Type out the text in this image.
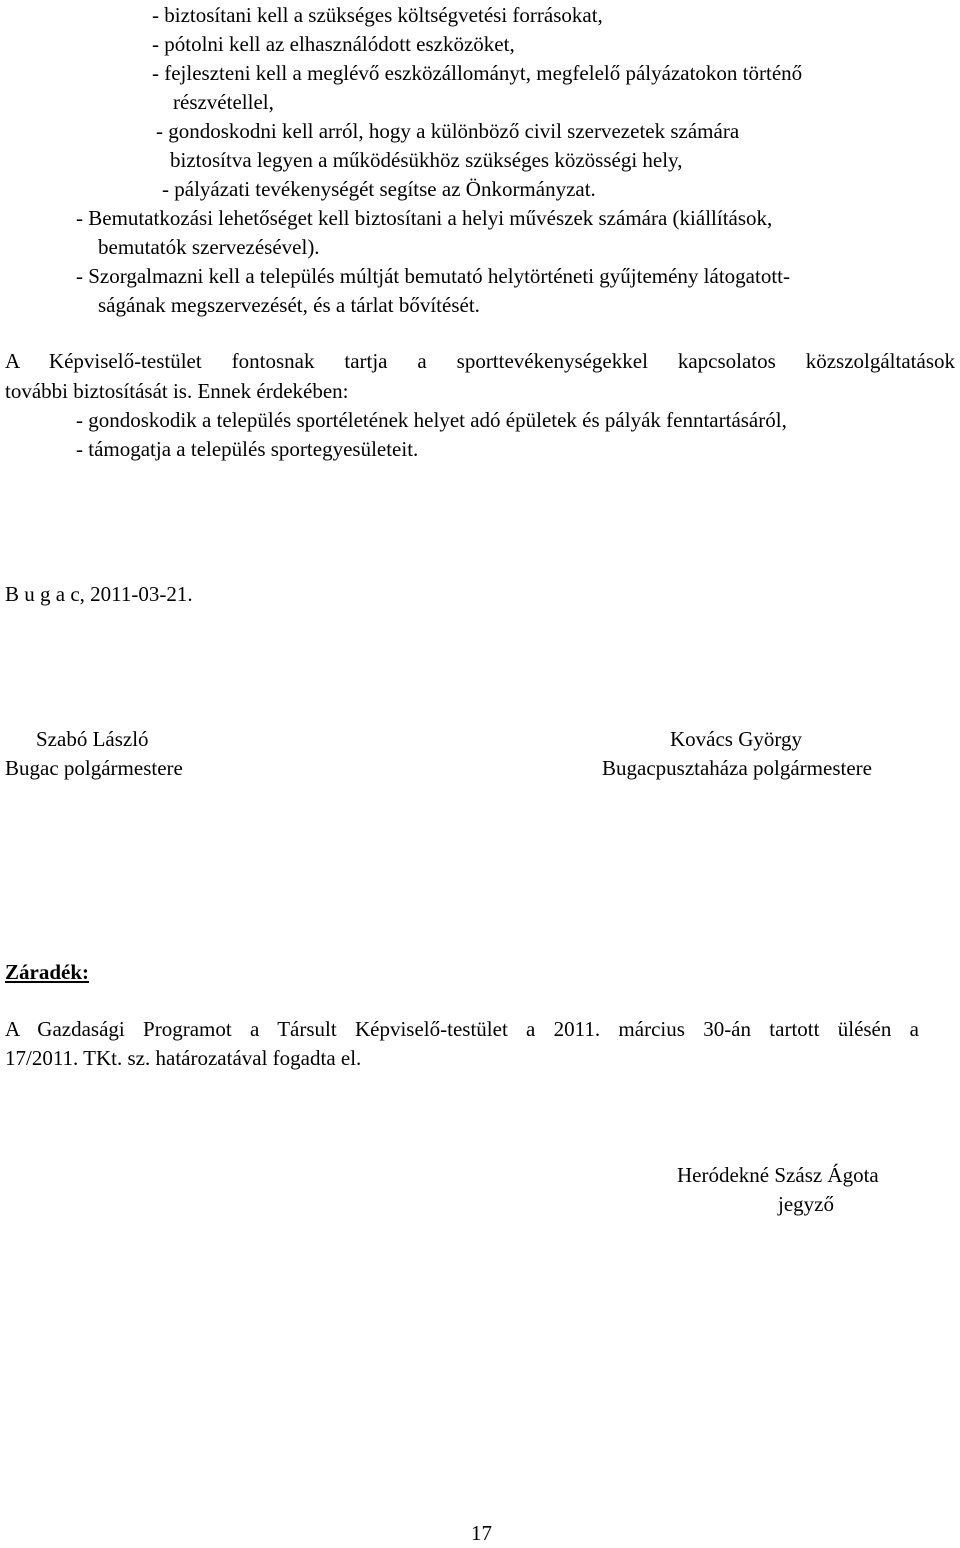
- biztosítani kell a szükséges költségvetési forrásokat,
- pótolni kell az elhasználódott eszközöket,
- fejleszteni kell a meglévő eszközállományt, megfelelő pályázatokon történő
részvétellel,
- gondoskodni kell arról, hogy a különböző civil szervezetek számára
biztosítva legyen a működésükhöz szükséges közösségi hely,
- pályázati tevékenységét segítse az Önkormányzat.
- Bemutatkozási lehetőséget kell biztosítani a helyi művészek számára (kiállítások,
bemutatók szervezésével).
- Szorgalmazni kell a település múltját bemutató helytörténeti gyűjtemény látogatott-
ságának megszervezését, és a tárlat bővítését.
A Képviselő-testület fontosnak tartja a sporttevékenységekkel kapcsolatos közszolgáltatások
további biztosítását is. Ennek érdekében:
- gondoskodik a település sportéletének helyet adó épületek és pályák fenntartásáról,
- támogatja a település sportegyesületeit.
B u g a c, 2011-03-21.
Szabó László
Bugac polgármestere
Kovács György
Bugacpusztaháza polgármestere
Záradék:
A Gazdasági Programot a Társult Képviselő-testület a 2011. március 30-án tartott ülésén a
17/2011. TKt. sz. határozatával fogadta el.
Heródekné Szász Ágota
jegyző
17
